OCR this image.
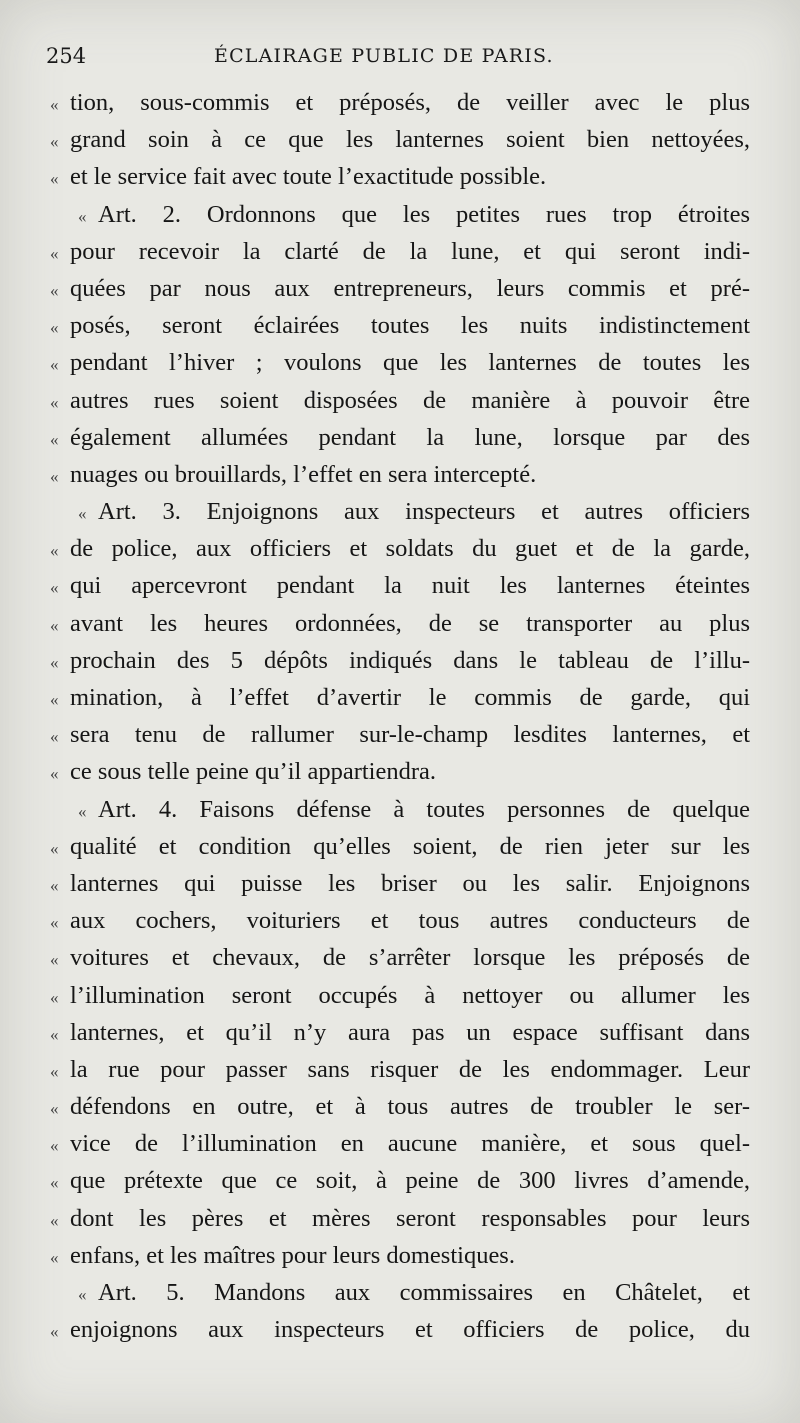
254	ÉCLAIRAGE PUBLIC DE PARIS.
« tion, sous-commis et préposés, de veiller avec le plus
« grand soin à ce que les lanternes soient bien nettoyées,
« et le service fait avec toute l’exactitude possible.
« Art. 2. Ordonnons que les petites rues trop étroites
« pour recevoir la clarté de la lune, et qui seront indi-
« quées par nous aux entrepreneurs, leurs commis et pré-
« posés, seront éclairées toutes les nuits indistinctement
« pendant l’hiver ; voulons que les lanternes de toutes les
« autres rues soient disposées de manière à pouvoir être
« également allumées pendant la lune, lorsque par des
« nuages ou brouillards, l’effet en sera intercepté.
« Art. 3. Enjoignons aux inspecteurs et autres officiers
« de police, aux officiers et soldats du guet et de la garde,
« qui apercevront pendant la nuit les lanternes éteintes
« avant les heures ordonnées, de se transporter au plus
« prochain des 5 dépôts indiqués dans le tableau de l’illu-
« mination, à l’effet d’avertir le commis de garde, qui
« sera tenu de rallumer sur-le-champ lesdites lanternes, et
« ce sous telle peine qu’il appartiendra.
« Art. 4. Faisons défense à toutes personnes de quelque
« qualité et condition qu’elles soient, de rien jeter sur les
« lanternes qui puisse les briser ou les salir. Enjoignons
« aux cochers, voituriers et tous autres conducteurs de
« voitures et chevaux, de s’arrêter lorsque les préposés de
« l’illumination seront occupés à nettoyer ou allumer les
« lanternes, et qu’il n’y aura pas un espace suffisant dans
« la rue pour passer sans risquer de les endommager. Leur
« défendons en outre, et à tous autres de troubler le ser-
« vice de l’illumination en aucune manière, et sous quel-
« que prétexte que ce soit, à peine de 300 livres d’amende,
« dont les pères et mères seront responsables pour leurs
« enfans, et les maîtres pour leurs domestiques.
« Art. 5. Mandons aux commissaires en Châtelet, et
« enjoignons aux inspecteurs et officiers de police, du
